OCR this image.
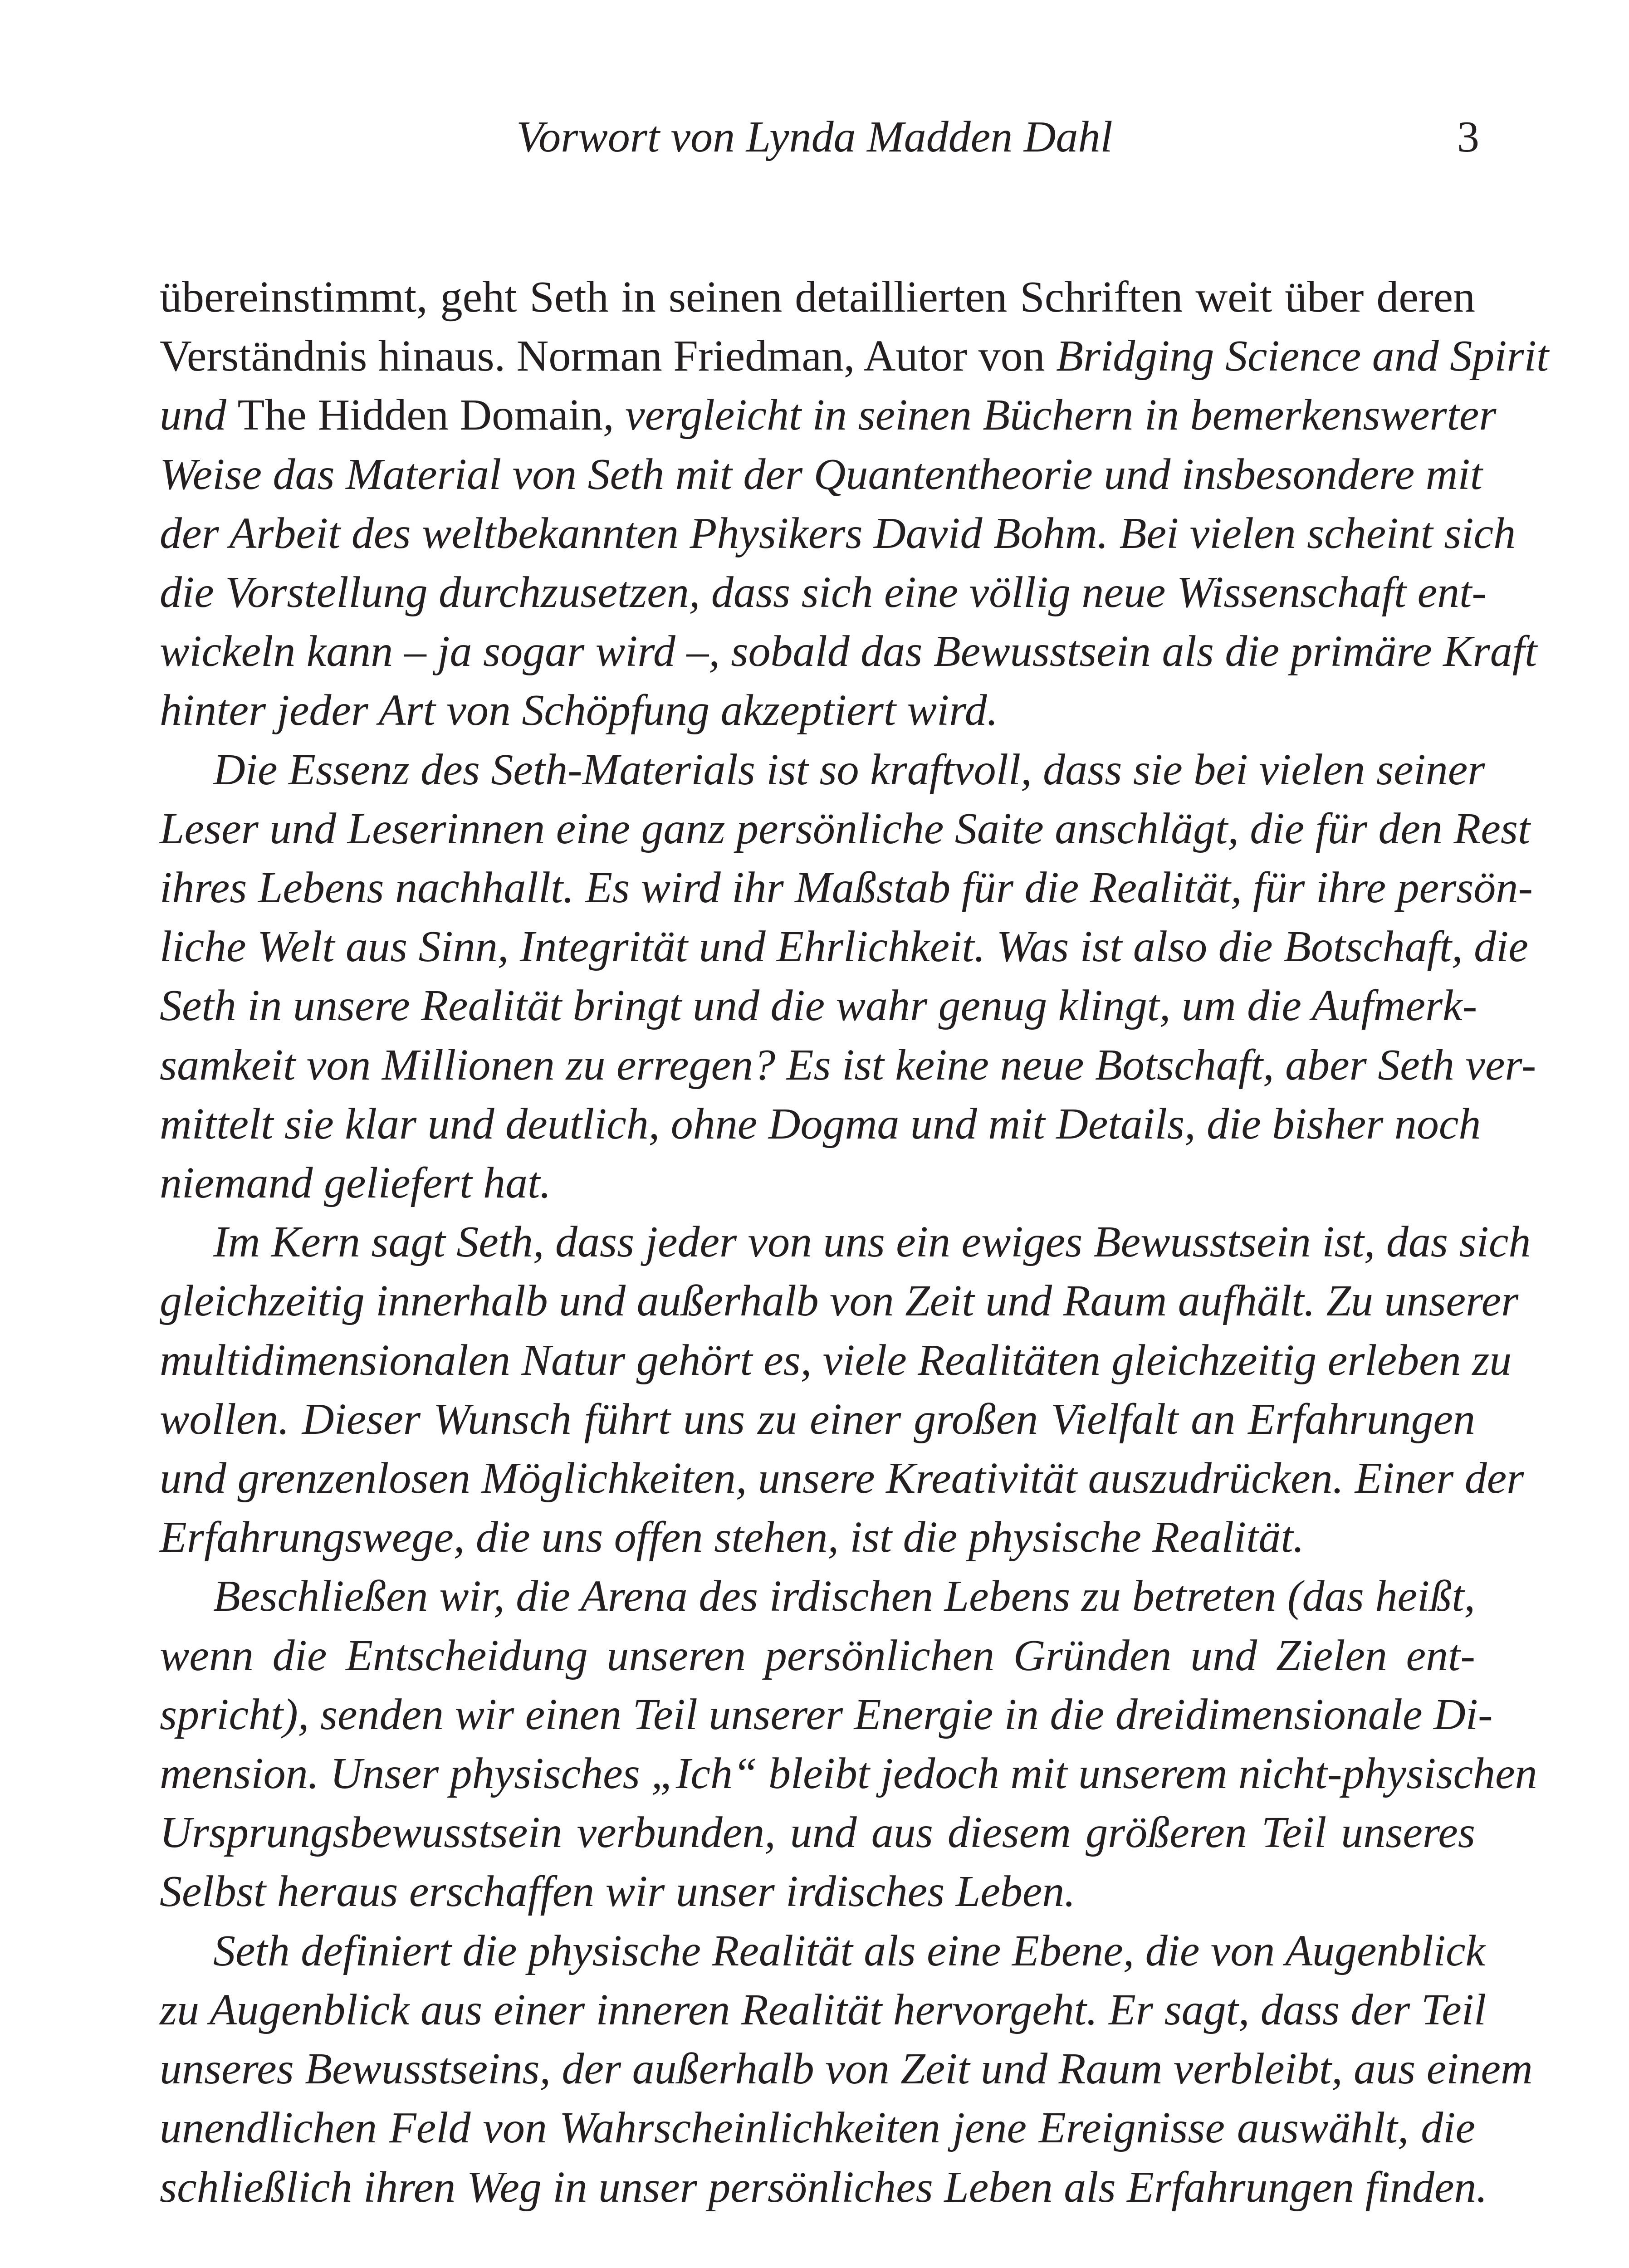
Vorwort von Lynda Madden Dahl	3
übereinstimmt, geht Seth in seinen detaillierten Schriften weit über deren
Verständnis hinaus. Norman Friedman, Autor von Bridging Science and Spirit
und The Hidden Domain, vergleicht in seinen Büchern in bemerkenswerter
Weise das Material von Seth mit der Quantentheorie und insbesondere mit
der Arbeit des weltbekannten Physikers David Bohm. Bei vielen scheint sich
die Vorstellung durchzusetzen, dass sich eine völlig neue Wissenschaft ent-
wickeln kann – ja sogar wird –, sobald das Bewusstsein als die primäre Kraft
hinter jeder Art von Schöpfung akzeptiert wird.
Die Essenz des Seth-Materials ist so kraftvoll, dass sie bei vielen seiner
Leser und Leserinnen eine ganz persönliche Saite anschlägt, die für den Rest
ihres Lebens nachhallt. Es wird ihr Maßstab für die Realität, für ihre persön-
liche Welt aus Sinn, Integrität und Ehrlichkeit. Was ist also die Botschaft, die
Seth in unsere Realität bringt und die wahr genug klingt, um die Aufmerk-
samkeit von Millionen zu erregen? Es ist keine neue Botschaft, aber Seth ver-
mittelt sie klar und deutlich, ohne Dogma und mit Details, die bisher noch
niemand geliefert hat.
Im Kern sagt Seth, dass jeder von uns ein ewiges Bewusstsein ist, das sich
gleichzeitig innerhalb und außerhalb von Zeit und Raum aufhält. Zu unserer
multidimensionalen Natur gehört es, viele Realitäten gleichzeitig erleben zu
wollen. Dieser Wunsch führt uns zu einer großen Vielfalt an Erfahrungen
und grenzenlosen Möglichkeiten, unsere Kreativität auszudrücken. Einer der
Erfahrungswege, die uns offen stehen, ist die physische Realität.
Beschließen wir, die Arena des irdischen Lebens zu betreten (das heißt,
wenn die Entscheidung unseren persönlichen Gründen und Zielen ent-
spricht), senden wir einen Teil unserer Energie in die dreidimensionale Di-
mension. Unser physisches „Ich“ bleibt jedoch mit unserem nicht-physischen
Ursprungsbewusstsein verbunden, und aus diesem größeren Teil unseres
Selbst heraus erschaffen wir unser irdisches Leben.
Seth definiert die physische Realität als eine Ebene, die von Augenblick
zu Augenblick aus einer inneren Realität hervorgeht. Er sagt, dass der Teil
unseres Bewusstseins, der außerhalb von Zeit und Raum verbleibt, aus einem
unendlichen Feld von Wahrscheinlichkeiten jene Ereignisse auswählt, die
schließlich ihren Weg in unser persönliches Leben als Erfahrungen finden.
